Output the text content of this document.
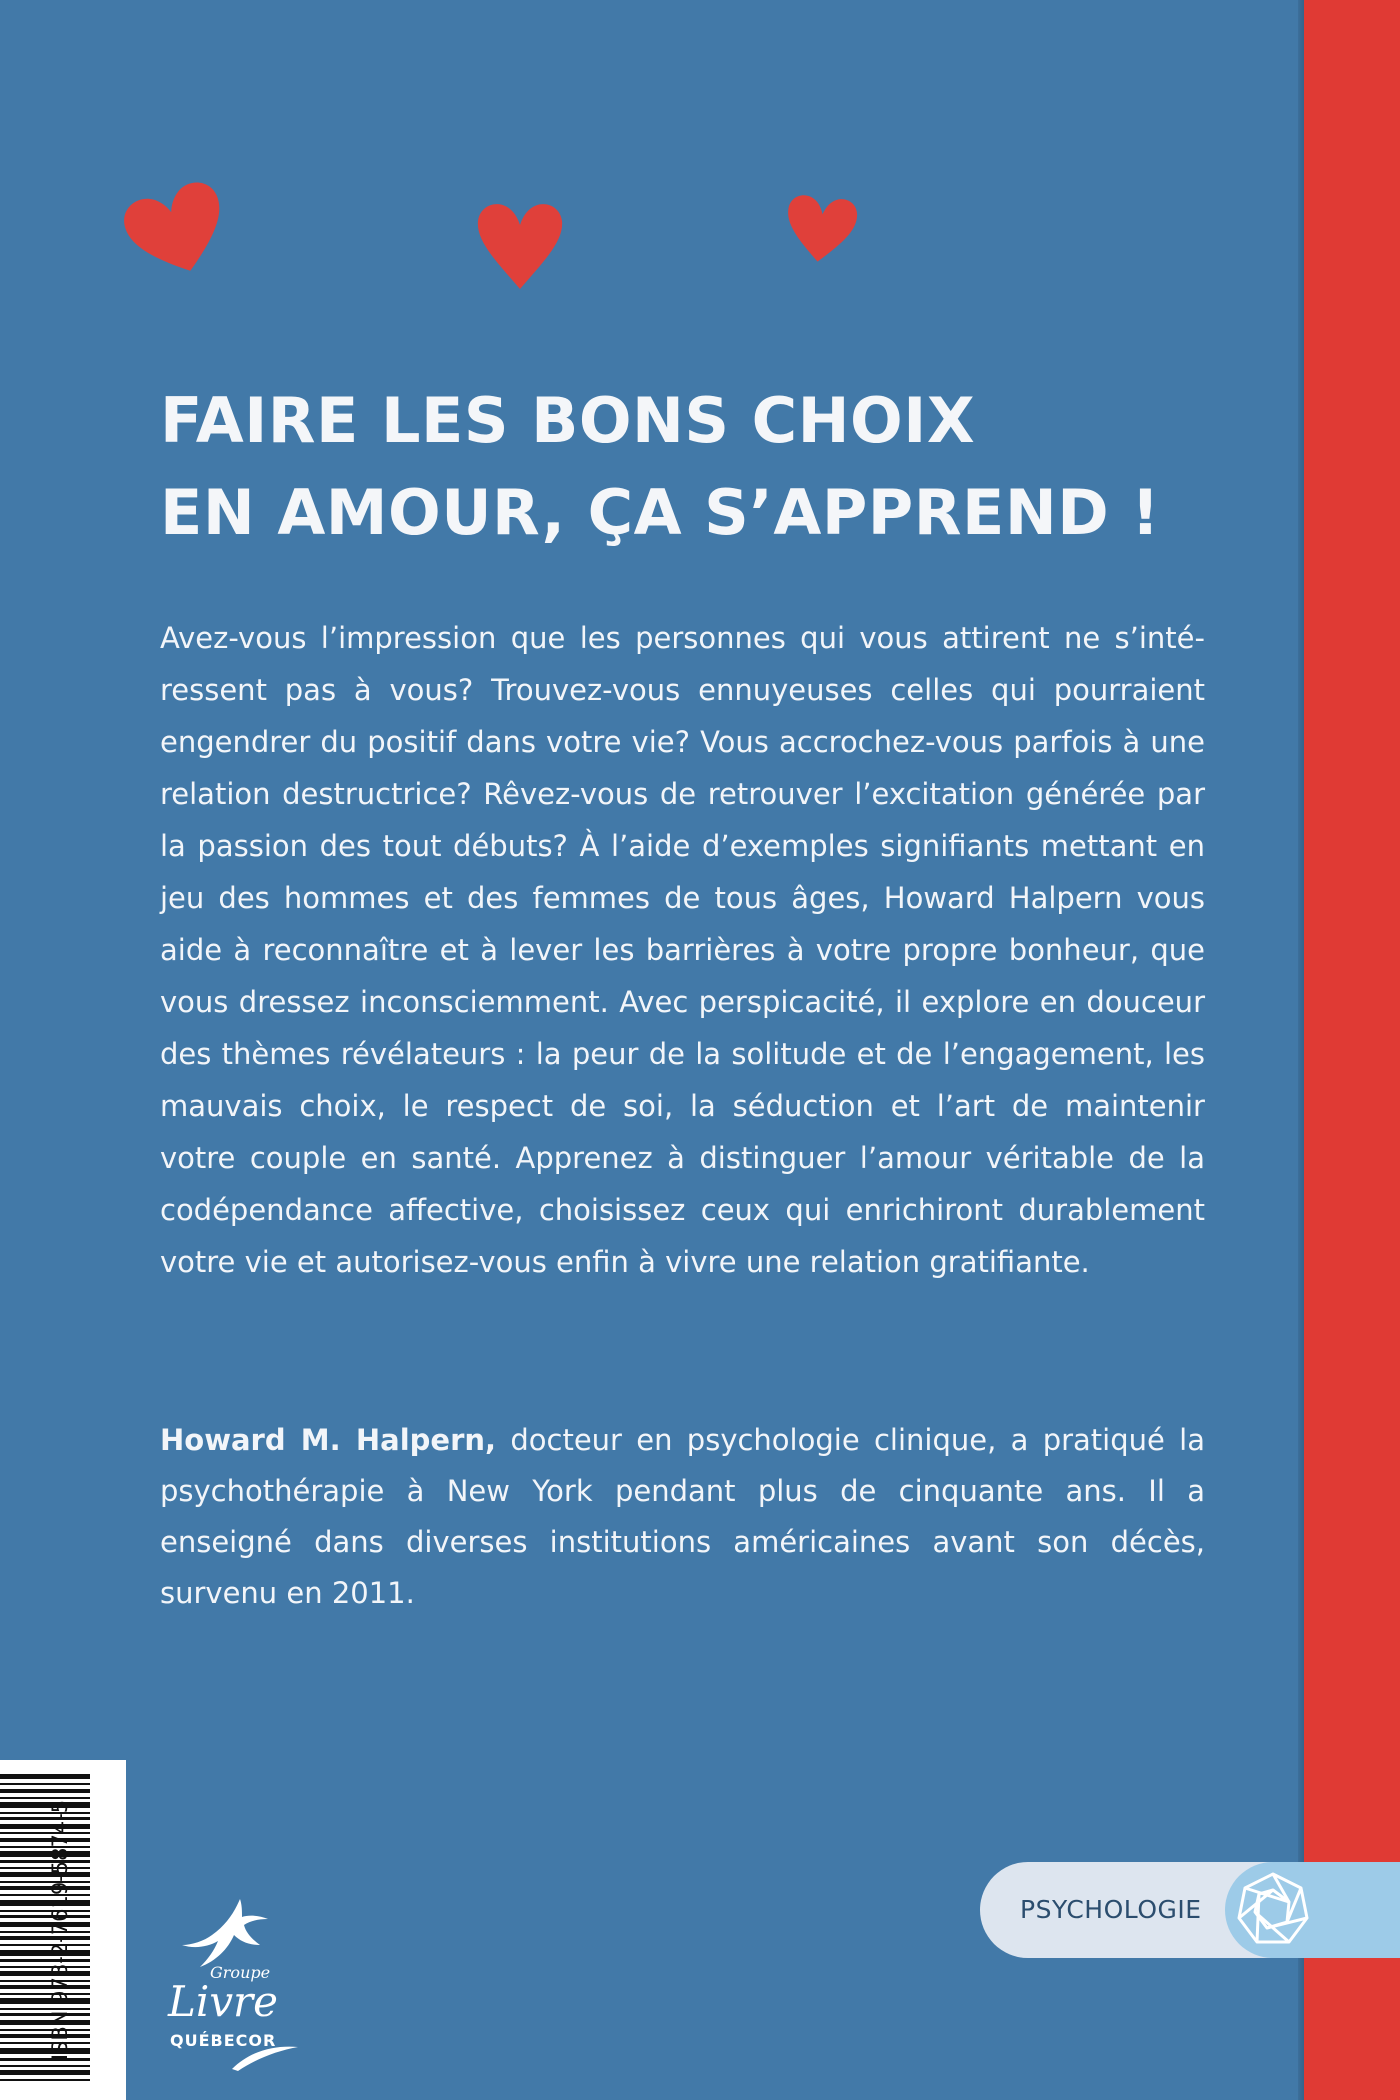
FAIRE LES BONS CHOIX
EN AMOUR, ÇA S’APPREND !

Avez-vous l’impression que les personnes qui vous attirent ne s’intéressent pas à vous? Trouvez-vous ennuyeuses celles qui pourraient engendrer du positif dans votre vie? Vous accrochez-vous parfois à une relation destructrice? Rêvez-vous de retrouver l’excitation générée par la passion des tout débuts? À l’aide d’exemples signifiants mettant en jeu des hommes et des femmes de tous âges, Howard Halpern vous aide à reconnaître et à lever les barrières à votre propre bonheur, que vous dressez inconsciemment. Avec perspicacité, il explore en douceur des thèmes révélateurs : la peur de la solitude et de l’engagement, les mauvais choix, le respect de soi, la séduction et l’art de maintenir votre couple en santé. Apprenez à distinguer l’amour véritable de la codépendance affective, choisissez ceux qui enrichiront durablement votre vie et autorisez-vous enfin à vivre une relation gratifiante.

Howard M. Halpern, docteur en psychologie clinique, a pratiqué la psychothérapie à New York pendant plus de cinquante ans. Il a enseigné dans diverses institutions américaines avant son décès, survenu en 2011.

ISBN 978-2-7619-5874-5	Groupe
Livre
QUÉBECOR
PSYCHOLOGIE
